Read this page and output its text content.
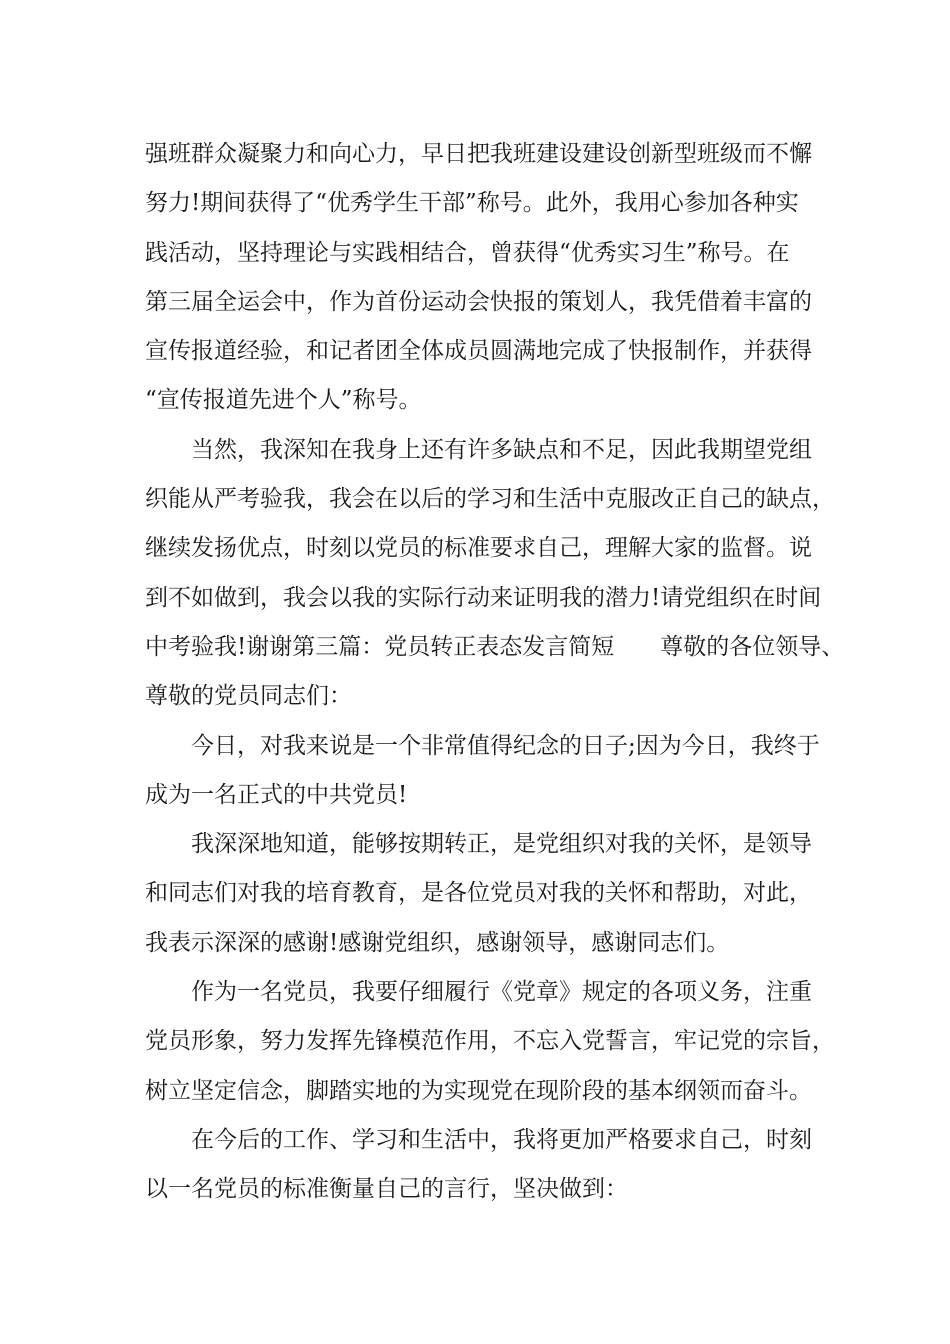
强班群众凝聚力和向心力，早日把我班建设建设创新型班级而不懈
努力!期间获得了“优秀学生干部”称号。此外，我用心参加各种实
践活动，坚持理论与实践相结合，曾获得“优秀实习生”称号。在
第三届全运会中，作为首份运动会快报的策划人，我凭借着丰富的
宣传报道经验，和记者团全体成员圆满地完成了快报制作，并获得
“宣传报道先进个人”称号。
当然，我深知在我身上还有许多缺点和不足，因此我期望党组
织能从严考验我，我会在以后的学习和生活中克服改正自己的缺点，
继续发扬优点，时刻以党员的标准要求自己，理解大家的监督。说
到不如做到，我会以我的实际行动来证明我的潜力!请党组织在时间
中考验我!谢谢第三篇：党员转正表态发言简短　　尊敬的各位领导、
尊敬的党员同志们：
今日，对我来说是一个非常值得纪念的日子;因为今日，我终于
成为一名正式的中共党员!
我深深地知道，能够按期转正，是党组织对我的关怀，是领导
和同志们对我的培育教育，是各位党员对我的关怀和帮助，对此，
我表示深深的感谢!感谢党组织，感谢领导，感谢同志们。
作为一名党员，我要仔细履行《党章》规定的各项义务，注重
党员形象，努力发挥先锋模范作用，不忘入党誓言，牢记党的宗旨，
树立坚定信念，脚踏实地的为实现党在现阶段的基本纲领而奋斗。
在今后的工作、学习和生活中，我将更加严格要求自己，时刻
以一名党员的标准衡量自己的言行，坚决做到：
